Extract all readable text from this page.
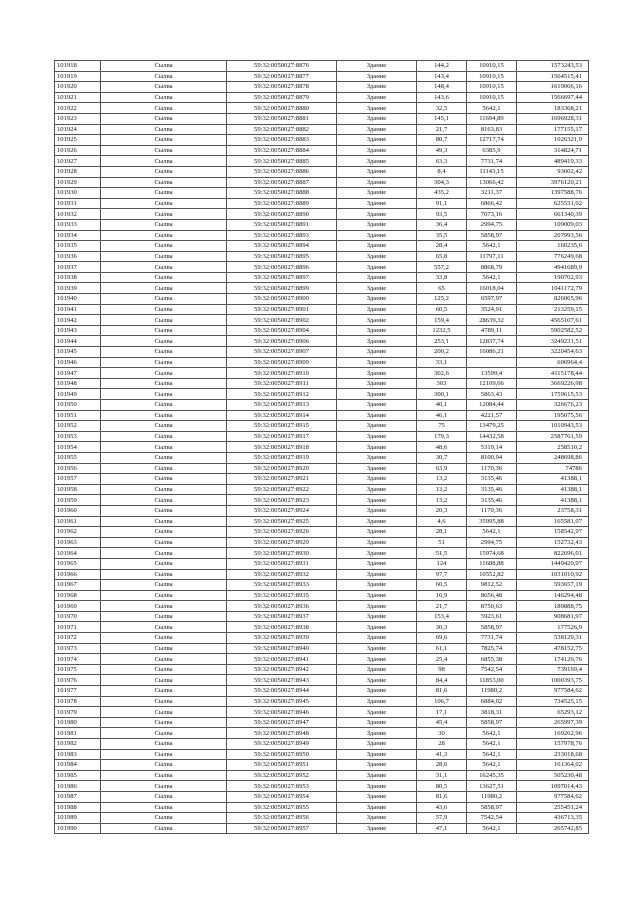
101918	Сылва	59:32:0050027:8876	Здание	144,2	10910,15	1573243,53
101919	Сылва	59:32:0050027:8877	Здание	143,4	10910,15	1564515,41
101920	Сылва	59:32:0050027:8878	Здание	148,4	10910,15	1619066,16
101921	Сылва	59:32:0050027:8879	Здание	143,6	10910,15	1566697,44
101922	Сылва	59:32:0050027:8880	Здание	32,5	5642,1	183368,21
101923	Сылва	59:32:0050027:8881	Здание	145,1	11694,89	1696928,31
101924	Сылва	59:32:0050027:8882	Здание	21,7	8163,83	177155,17
101925	Сылва	59:32:0050027:8883	Здание	80,7	12717,74	1026321,9
101926	Сылва	59:32:0050027:8884	Здание	49,3	6385,9	314824,71
101927	Сылва	59:32:0050027:8885	Здание	63,3	7731,74	489419,33
101928	Сылва	59:32:0050027:8886	Здание	8,4	11143,15	93602,42
101929	Сылва	59:32:0050027:8887	Здание	304,3	13066,42	3976120,21
101930	Сылва	59:32:0050027:8888	Здание	435,2	3211,37	1397588,76
101931	Сылва	59:32:0050027:8889	Здание	91,1	6866,42	625531,02
101932	Сылва	59:32:0050027:8890	Здание	93,5	7073,16	661340,39
101933	Сылва	59:32:0050027:8891	Здание	36,4	2994,75	109009,03
101934	Сылва	59:32:0050027:8893	Здание	35,5	5858,97	207993,56
101935	Сылва	59:32:0050027:8894	Здание	28,4	5642,1	160235,6
101936	Сылва	59:32:0050027:8895	Здание	65,8	11797,11	776249,68
101937	Сылва	59:32:0050027:8896	Здание	557,2	8868,79	4941689,9
101938	Сылва	59:32:0050027:8897	Здание	33,8	5642,1	190702,93
101939	Сылва	59:32:0050027:8899	Здание	65	16018,04	1041172,79
101940	Сылва	59:32:0050027:8900	Здание	125,2	6597,97	826065,96
101941	Сылва	59:32:0050027:8901	Здание	60,5	3524,91	213259,15
101942	Сылва	59:32:0050027:8902	Здание	159,4	28639,32	4565107,61
101943	Сылва	59:32:0050027:8904	Здание	1232,5	4789,11	5902582,52
101944	Сылва	59:32:0050027:8906	Здание	253,1	12837,74	3249231,51
101945	Сылва	59:32:0050027:8907	Здание	200,2	16086,21	3220454,63
101946	Сылва	59:32:0050027:8909	Здание	33,1		606964,4
101947	Сылва	59:32:0050027:8910	Здание	302,6	13599,4	4115178,44
101948	Сылва	59:32:0050027:8911	Здание	303	12109,66	3669226,98
101949	Сылва	59:32:0050027:8912	Здание	300,1	5863,43	1759615,53
101950	Сылва	59:32:0050027:8913	Здание	40,1	12084,44	326676,23
101951	Сылва	59:32:0050027:8914	Здание	46,1	4221,57	195075,56
101952	Сылва	59:32:0050027:8915	Здание	75	13479,25	1010943,53
101953	Сылва	59:32:0050027:8917	Здание	179,3	14432,58	2587761,59
101954	Сылва	59:32:0050027:8918	Здание	48,6	5319,14	258510,2
101955	Сылва	59:32:0050027:8919	Здание	30,7	8100,94	248698,86
101956	Сылва	59:32:0050027:8920	Здание	63,9	1170,36	74786
101957	Сылва	59:32:0050027:8921	Здание	13,2	3135,46	41388,1
101958	Сылва	59:32:0050027:8922	Здание	13,2	3135,46	41388,1
101959	Сылва	59:32:0050027:8923	Здание	13,2	3135,46	41388,1
101960	Сылва	59:32:0050027:8924	Здание	20,3	1170,36	23758,31
101961	Сылва	59:32:0050027:8925	Здание	4,6	35995,88	165581,07
101962	Сылва	59:32:0050027:8926	Здание	28,1	5642,1	158542,97
101963	Сылва	59:32:0050027:8929	Здание	51	2994,75	152732,43
101964	Сылва	59:32:0050027:8930	Здание	51,5	15974,68	822696,01
101965	Сылва	59:32:0050027:8931	Здание	124	11688,88	1449420,97
101966	Сылва	59:32:0050027:8932	Здание	97,7	10552,82	1031010,92
101967	Сылва	59:32:0050027:8933	Здание	60,5	9812,52	593657,19
101968	Сылва	59:32:0050027:8935	Здание	16,9	8656,48	146294,48
101969	Сылва	59:32:0050027:8936	Здание	21,7	8750,63	189888,75
101970	Сылва	59:32:0050027:8937	Здание	153,4	5923,61	908681,97
101971	Сылва	59:32:0050027:8938	Здание	30,3	5858,97	177526,9
101972	Сылва	59:32:0050027:8939	Здание	69,6	7731,74	538129,31
101973	Сылва	59:32:0050027:8940	Здание	61,1	7825,74	478152,75
101974	Сылва	59:32:0050027:8941	Здание	25,4	6855,38	174126,76
101975	Сылва	59:32:0050027:8942	Здание	98	7542,54	739169,4
101976	Сылва	59:32:0050027:8943	Здание	84,4	11853,00	1000393,75
101977	Сылва	59:32:0050027:8944	Здание	81,6	11980,2	977584,62
101978	Сылва	59:32:0050027:8945	Здание	106,7	6884,02	734525,15
101979	Сылва	59:32:0050027:8946	Здание	17,1	3818,31	65293,12
101980	Сылва	59:32:0050027:8947	Здание	45,4	5858,97	265997,39
101981	Сылва	59:32:0050027:8948	Здание	30	5642,1	169262,96
101982	Сылва	59:32:0050027:8949	Здание	28	5642,1	157978,76
101983	Сылва	59:32:0050027:8950	Здание	41,3	5642,1	233018,68
101984	Сылва	59:32:0050027:8951	Здание	28,6	5642,1	161364,02
101985	Сылва	59:32:0050027:8952	Здание	31,1	16245,35	505230,48
101986	Сылва	59:32:0050027:8953	Здание	80,5	13627,51	1097014,43
101987	Сылва	59:32:0050027:8954	Здание	81,6	11980,2	977584,62
101988	Сылва	59:32:0050027:8955	Здание	43,6	5858,97	255451,24
101989	Сылва	59:32:0050027:8956	Здание	57,9	7542,54	436713,35
101990	Сылва	59:32:0050027:8957	Здание	47,1	5642,1	265742,85
